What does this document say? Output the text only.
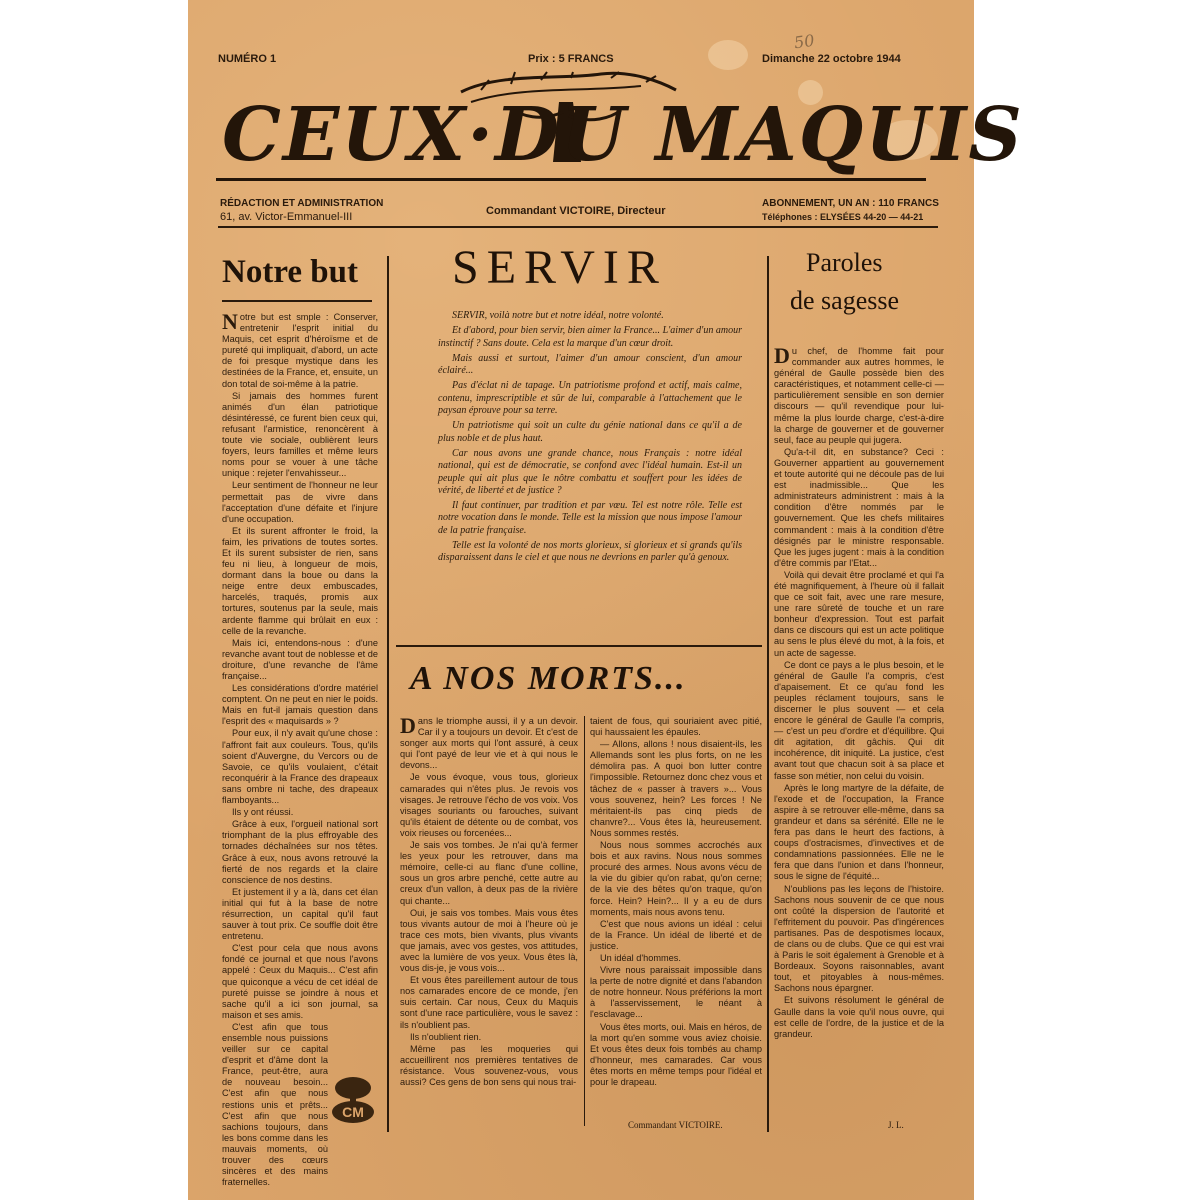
NUMÉRO 1	Prix : 5 FRANCS	Dimanche 22 octobre 1944
50
CEUX·DU MAQUIS
RÉDACTION ET ADMINISTRATION
61, av. Victor-Emmanuel-III	Commandant VICTOIRE, Directeur
ABONNEMENT, UN AN : 110 FRANCS
Téléphones : ELYSÉES 44-20 — 44-21
Notre but

Notre but est smple : Conserver, entretenir l'esprit initial du Maquis, cet esprit d'héroïsme et de pureté qui impliquait, d'abord, un acte de foi presque mystique dans les destinées de la France, et, ensuite, un don total de soi-même à la patrie.

Si jamais des hommes furent animés d'un élan patriotique désintéressé, ce furent bien ceux qui, refusant l'armistice, renoncèrent à toute vie sociale, oublièrent leurs foyers, leurs familles et même leurs noms pour se vouer à une tâche unique : rejeter l'envahisseur...

Leur sentiment de l'honneur ne leur permettait pas de vivre dans l'acceptation d'une défaite et l'injure d'une occupation.

Et ils surent affronter le froid, la faim, les privations de toutes sortes. Et ils surent subsister de rien, sans feu ni lieu, à longueur de mois, dormant dans la boue ou dans la neige entre deux embuscades, harcelés, traqués, promis aux tortures, soutenus par la seule, mais ardente flamme qui brûlait en eux : celle de la revanche.

Mais ici, entendons-nous : d'une revanche avant tout de noblesse et de droiture, d'une revanche de l'âme française...

Les considérations d'ordre matériel comptent. On ne peut en nier le poids. Mais en fut-il jamais question dans l'esprit des « maquisards » ?

Pour eux, il n'y avait qu'une chose : l'affront fait aux couleurs. Tous, qu'ils soient d'Auvergne, du Vercors ou de Savoie, ce qu'ils voulaient, c'était reconquérir à la France des drapeaux sans ombre ni tache, des drapeaux flamboyants...

Ils y ont réussi.

Grâce à eux, l'orgueil national sort triomphant de la plus effroyable des tornades déchaînées sur nos têtes. Grâce à eux, nous avons retrouvé la fierté de nos regards et la claire conscience de nos destins.

Et justement il y a là, dans cet élan initial qui fut à la base de notre résurrection, un capital qu'il faut sauver à tout prix. Ce souffle doit être entretenu.

C'est pour cela que nous avons fondé ce journal et que nous l'avons appelé : Ceux du Maquis... C'est afin que quiconque a vécu de cet idéal de pureté puisse se joindre à nous et sache qu'il a ici son journal, sa maison et ses amis.

C'est afin que tous ensemble nous puissions veiller sur ce capital d'esprit et d'âme dont la France, peut-être, aura de nouveau besoin... C'est afin que nous restions unis et prêts... C'est afin que nous sachions toujours, dans les bons comme dans les mauvais moments, où trouver des cœurs sincères et des mains fraternelles.

CM
SERVIR

SERVIR, voilà notre but et notre idéal, notre volonté.

Et d'abord, pour bien servir, bien aimer la France... L'aimer d'un amour instinctif ? Sans doute. Cela est la marque d'un cœur droit.

Mais aussi et surtout, l'aimer d'un amour conscient, d'un amour éclairé...

Pas d'éclat ni de tapage. Un patriotisme profond et actif, mais calme, contenu, imprescriptible et sûr de lui, comparable à l'attachement que le paysan éprouve pour sa terre.

Un patriotisme qui soit un culte du génie national dans ce qu'il a de plus noble et de plus haut.

Car nous avons une grande chance, nous Français : notre idéal national, qui est de démocratie, se confond avec l'idéal humain. Est-il un peuple qui ait plus que le nôtre combattu et souffert pour les idées de vérité, de liberté et de justice ?

Il faut continuer, par tradition et par vœu. Tel est notre rôle. Telle est notre vocation dans le monde. Telle est la mission que nous impose l'amour de la patrie française.

Telle est la volonté de nos morts glorieux, si glorieux et si grands qu'ils disparaissent dans le ciel et que nous ne devrions en parler qu'à genoux.

A NOS MORTS...

Dans le triomphe aussi, il y a un devoir. Car il y a toujours un devoir. Et c'est de songer aux morts qui l'ont assuré, à ceux qui l'ont payé de leur vie et à qui nous le devons...

Je vous évoque, vous tous, glorieux camarades qui n'êtes plus. Je revois vos visages. Je retrouve l'écho de vos voix. Vos visages souriants ou farouches, suivant qu'ils étaient de détente ou de combat, vos voix rieuses ou forcenées...

Je sais vos tombes. Je n'ai qu'à fermer les yeux pour les retrouver, dans ma mémoire, celle-ci au flanc d'une colline, sous un gros arbre penché, cette autre au creux d'un vallon, à deux pas de la rivière qui chante...

Oui, je sais vos tombes. Mais vous êtes tous vivants autour de moi à l'heure où je trace ces mots, bien vivants, plus vivants que jamais, avec vos gestes, vos attitudes, avec la lumière de vos yeux. Vous êtes là, vous dis-je, je vous vois...

Et vous êtes pareillement autour de tous nos camarades encore de ce monde, j'en suis certain. Car nous, Ceux du Maquis sont d'une race particulière, vous le savez : ils n'oublient pas.

Ils n'oublient rien.

Même pas les moqueries qui accueillirent nos premières tentatives de résistance. Vous souvenez-vous, vous aussi? Ces gens de bon sens qui nous trai-

taient de fous, qui souriaient avec pitié, qui haussaient les épaules.

— Allons, allons ! nous disaient-ils, les Allemands sont les plus forts, on ne les démolira pas. A quoi bon lutter contre l'impossible. Retournez donc chez vous et tâchez de « passer à travers »... Vous vous souvenez, hein? Les forces ! Ne méritaient-ils pas cinq pieds de chanvre?... Vous êtes là, heureusement. Nous sommes restés.

Nous nous sommes accrochés aux bois et aux ravins. Nous nous sommes procuré des armes. Nous avons vécu de la vie du gibier qu'on rabat, qu'on cerne; de la vie des bêtes qu'on traque, qu'on force. Hein? Hein?... Il y a eu de durs moments, mais nous avons tenu.

C'est que nous avions un idéal : celui de la France. Un idéal de liberté et de justice.

Un idéal d'hommes.

Vivre nous paraissait impossible dans la perte de notre dignité et dans l'abandon de notre honneur. Nous préférions la mort à l'asservissement, le néant à l'esclavage...

Vous êtes morts, oui. Mais en héros, de la mort qu'en somme vous aviez choisie. Et vous êtes deux fois tombés au champ d'honneur, mes camarades. Car vous êtes morts en même temps pour l'idéal et pour le drapeau.

Commandant VICTOIRE.
Paroles
de sagesse

Du chef, de l'homme fait pour commander aux autres hommes, le général de Gaulle possède bien des caractéristiques, et notamment celle-ci — particulièrement sensible en son dernier discours — qu'il revendique pour lui-même la plus lourde charge, c'est-à-dire la charge de gouverner et de gouverner seul, face au peuple qui jugera.

Qu'a-t-il dit, en substance? Ceci : Gouverner appartient au gouvernement et toute autorité qui ne découle pas de lui est inadmissible... Que les administrateurs administrent : mais à la condition d'être nommés par le gouvernement. Que les chefs militaires commandent : mais à la condition d'être désignés par le ministre responsable. Que les juges jugent : mais à la condition d'être commis par l'Etat...

Voilà qui devait être proclamé et qui l'a été magnifiquement, à l'heure où il fallait que ce soit fait, avec une rare mesure, une rare sûreté de touche et un rare bonheur d'expression. Tout est parfait dans ce discours qui est un acte politique au sens le plus élevé du mot, à la fois, et un acte de sagesse.

Ce dont ce pays a le plus besoin, et le général de Gaulle l'a compris, c'est d'apaisement. Et ce qu'au fond les peuples réclament toujours, sans le discerner le plus souvent — et cela encore le général de Gaulle l'a compris, — c'est un peu d'ordre et d'équilibre. Qui dit agitation, dit gâchis. Qui dit incohérence, dit iniquité. La justice, c'est avant tout que chacun soit à sa place et fasse son métier, non celui du voisin.

Après le long martyre de la défaite, de l'exode et de l'occupation, la France aspire à se retrouver elle-même, dans sa grandeur et dans sa sérénité. Elle ne le fera pas dans le heurt des factions, à coups d'ostracismes, d'invectives et de condamnations passionnées. Elle ne le fera que dans l'union et dans l'honneur, sous le signe de l'équité...

N'oublions pas les leçons de l'histoire. Sachons nous souvenir de ce que nous ont coûté la dispersion de l'autorité et l'effritement du pouvoir. Pas d'ingérences partisanes. Pas de despotismes locaux, de clans ou de clubs. Que ce qui est vrai à Paris le soit également à Grenoble et à Bordeaux. Soyons raisonnables, avant tout, et pitoyables à nous-mêmes. Sachons nous épargner.

Et suivons résolument le général de Gaulle dans la voie qu'il nous ouvre, qui est celle de l'ordre, de la justice et de la grandeur.

J. L.
